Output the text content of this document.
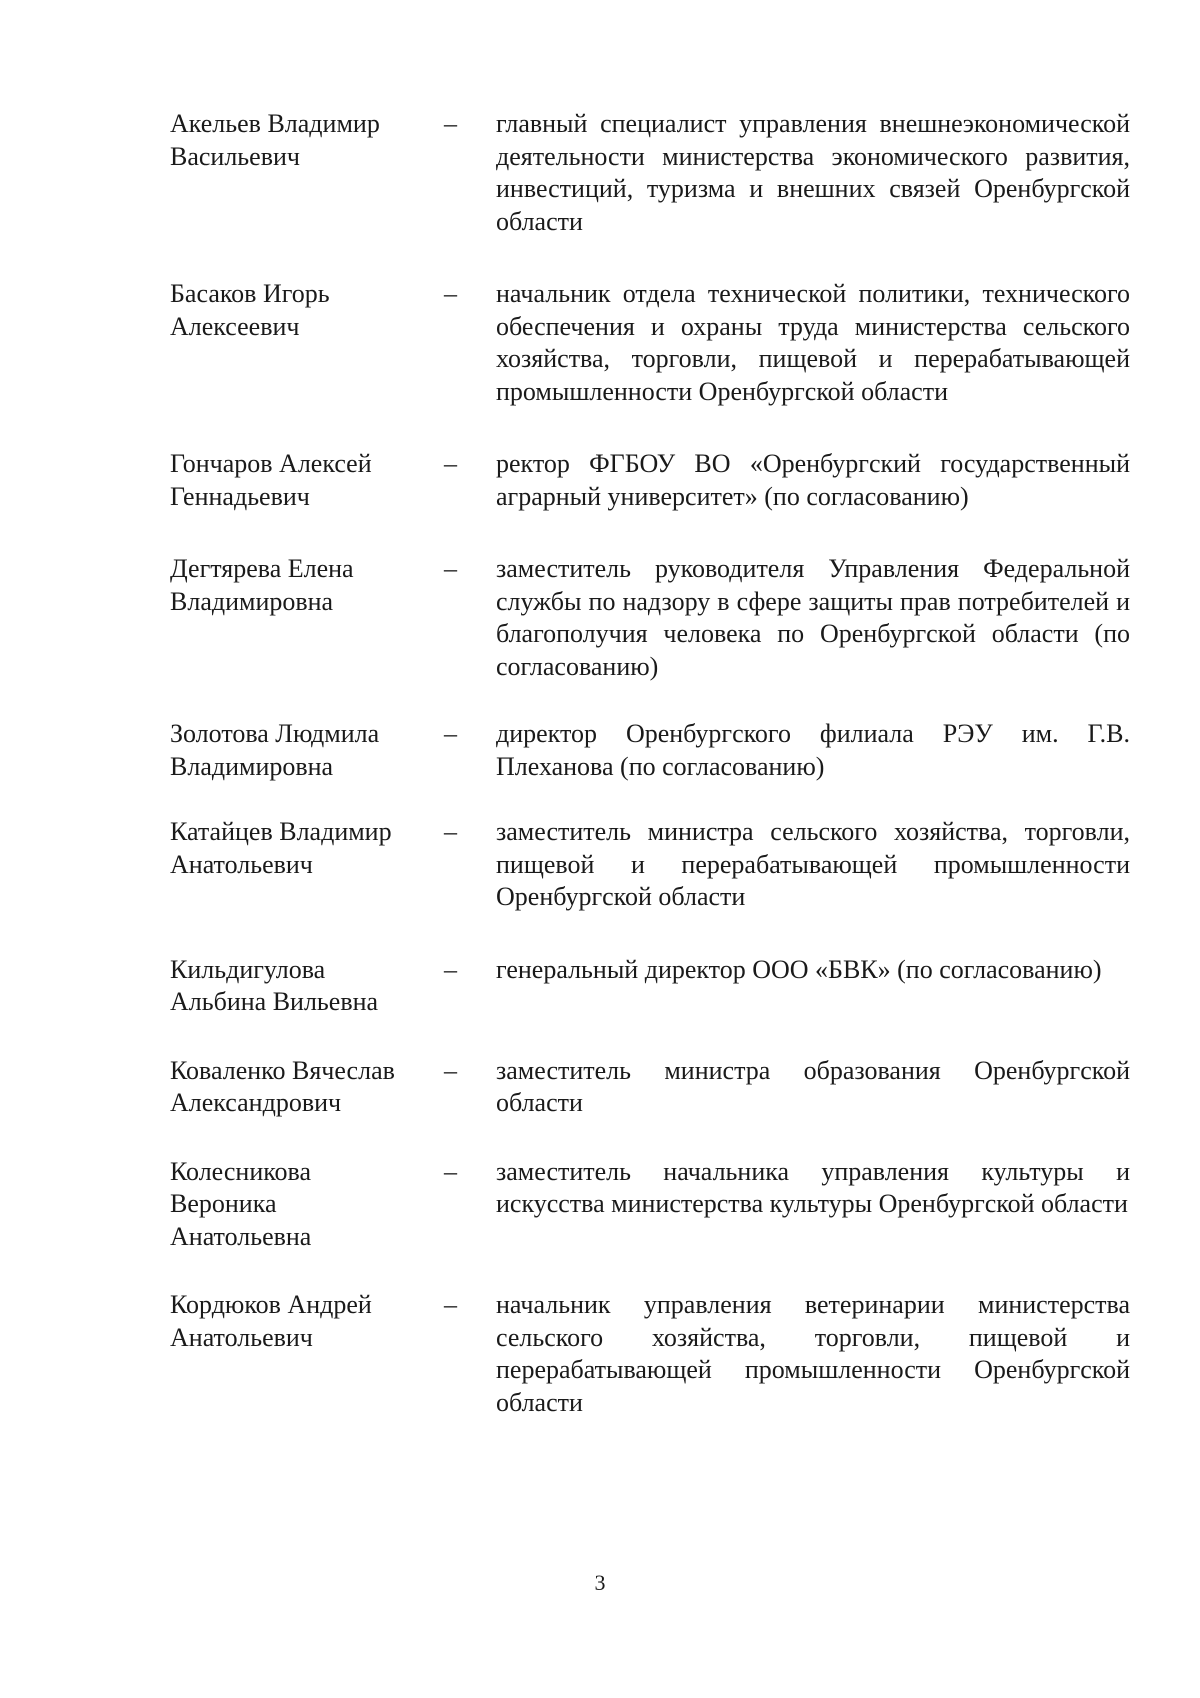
Акельев Владимир
Васильевич
–	главный специалист управления внешнеэкономической деятельности министерства экономического развития, инвестиций, туризма и внешних связей Оренбургской области
Басаков Игорь
Алексеевич
–	начальник отдела технической политики, технического обеспечения и охраны труда министерства сельского хозяйства, торговли, пищевой и перерабатывающей промышленности Оренбургской области
Гончаров Алексей
Геннадьевич
–	ректор ФГБОУ ВО «Оренбургский государственный аграрный университет» (по согласованию)
Дегтярева Елена
Владимировна
–	заместитель руководителя Управления Федеральной службы по надзору в сфере защиты прав потребителей и благополучия человека по Оренбургской области (по согласованию)
Золотова Людмила
Владимировна
–	директор Оренбургского филиала РЭУ им. Г.В. Плеханова (по согласованию)
Катайцев Владимир
Анатольевич
–	заместитель министра сельского хозяйства, торговли, пищевой и перерабатывающей промышленности Оренбургской области
Кильдигулова
Альбина Вильевна
–	генеральный директор ООО «БВК» (по согласованию)
Коваленко Вячеслав
Александрович
–	заместитель министра образования Оренбургской области
Колесникова
Вероника
Анатольевна
–	заместитель начальника управления культуры и искусства министерства культуры Оренбургской области
Кордюков Андрей
Анатольевич
–	начальник управления ветеринарии министерства сельского хозяйства, торговли, пищевой и перерабатывающей промышленности Оренбургской области
3
